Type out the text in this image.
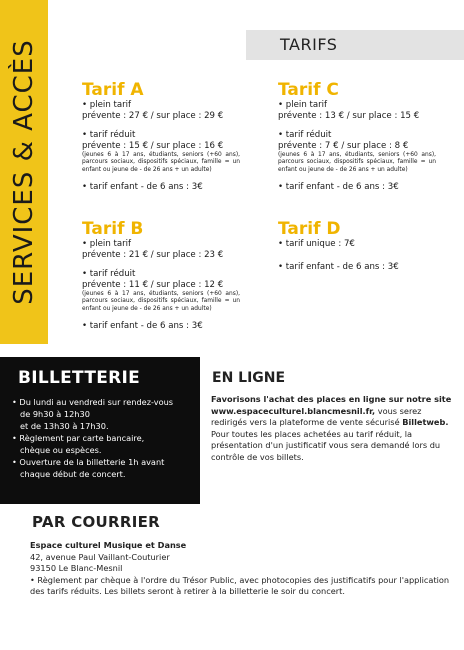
SERVICES & ACCÈS	TARIFS
Tarif A
• plein tarif
prévente : 27 € / sur place : 29 €
• tarif réduit
prévente : 15 € / sur place : 16 €
(jeunes 6 à 17 ans, étudiants, seniors (+60 ans), parcours sociaux, dispositifs spéciaux, famille = un enfant ou jeune de - de 26 ans + un adulte)
• tarif enfant - de 6 ans : 3€
Tarif C
• plein tarif
prévente : 13 € / sur place : 15 €
• tarif réduit
prévente : 7 € / sur place : 8 €
(jeunes 6 à 17 ans, étudiants, seniors (+60 ans), parcours sociaux, dispositifs spéciaux, famille = un enfant ou jeune de - de 26 ans + un adulte)
• tarif enfant - de 6 ans : 3€
Tarif B
• plein tarif
prévente : 21 € / sur place : 23 €
• tarif réduit
prévente : 11 € / sur place : 12 €
(jeunes 6 à 17 ans, étudiants, seniors (+60 ans), parcours sociaux, dispositifs spéciaux, famille = un enfant ou jeune de - de 26 ans + un adulte)
• tarif enfant - de 6 ans : 3€
Tarif D
• tarif unique : 7€
• tarif enfant - de 6 ans : 3€
BILLETTERIE
• Du lundi au vendredi sur rendez-vous
de 9h30 à 12h30
et de 13h30 à 17h30.
• Règlement par carte bancaire,
chèque ou espèces.
• Ouverture de la billetterie 1h avant
chaque début de concert.
EN LIGNE
Favorisons l'achat des places en ligne sur notre site www.espaceculturel.blancmesnil.fr, vous serez redirigés vers la plateforme de vente sécurisé Billetweb. Pour toutes les places achetées au tarif réduit, la présentation d'un justificatif vous sera demandé lors du contrôle de vos billets.
PAR COURRIER
Espace culturel Musique et Danse
42, avenue Paul Vaillant-Couturier
93150 Le Blanc-Mesnil
• Règlement par chèque à l'ordre du Trésor Public, avec photocopies des justificatifs pour l'application des tarifs réduits. Les billets seront à retirer à la billetterie le soir du concert.
